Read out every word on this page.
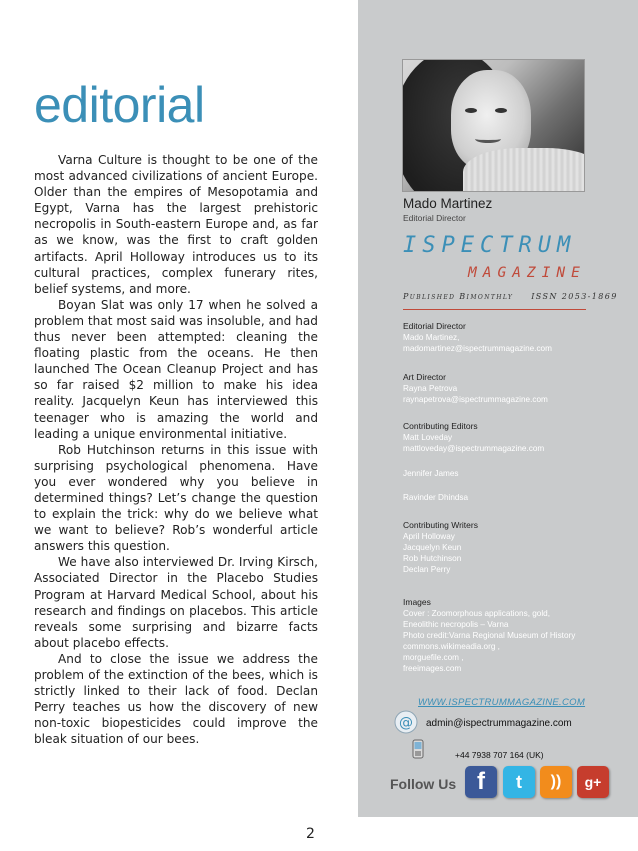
editorial

Varna Culture is thought to be one of the most advanced civilizations of ancient Europe. Older than the empires of Mesopotamia and Egypt, Varna has the largest prehistoric necropolis in South-eastern Europe and, as far as we know, was the first to craft golden artifacts. April Holloway introduces us to its cultural practices, complex funerary rites, belief systems, and more.

Boyan Slat was only 17 when he solved a problem that most said was insoluble, and had thus never been attempted: cleaning the floating plastic from the oceans. He then launched The Ocean Cleanup Project and has so far raised $2 million to make his idea reality. Jacquelyn Keun has interviewed this teenager who is amazing the world and leading a unique environmental initiative.

Rob Hutchinson returns in this issue with surprising psychological phenomena. Have you ever wondered why you believe in determined things? Let’s change the question to explain the trick: why do we believe what we want to believe? Rob’s wonderful article answers this question.

We have also interviewed Dr. Irving Kirsch, Associated Director in the Placebo Studies Program at Harvard Medical School, about his research and findings on placebos. This article reveals some surprising and bizarre facts about placebo effects.

And to close the issue we address the problem of the extinction of the bees, which is strictly linked to their lack of food. Declan Perry teaches us how the discovery of new non-toxic biopesticides could improve the bleak situation of our bees.

2
Mado Martinez
Editorial Director
ISPECTRUM
MAGAZINE
Published Bimonthly ISSN 2053-1869
Editorial Director
Mado Martinez,
madomartinez@ispectrummagazine.com
Art Director
Rayna Petrova
raynapetrova@ispectrummagazine.com
Contributing Editors
Matt Loveday
mattloveday@ispectrummagazine.com
Jennifer James
Ravinder Dhindsa
Contributing Writers
April Holloway
Jacquelyn Keun
Rob Hutchinson
Declan Perry
Images
Cover : Zoomorphous applications, gold,
Eneolithic necropolis – Varna
Photo credit:Varna Regional Museum of History
commons.wikimeadia.org ,
morguefile.com ,
freeimages.com
WWW.ISPECTRUMMAGAZINE.COM
@ admin@ispectrummagazine.com
+44 7938 707 164 (UK)
Follow Us f	t	))	g+
